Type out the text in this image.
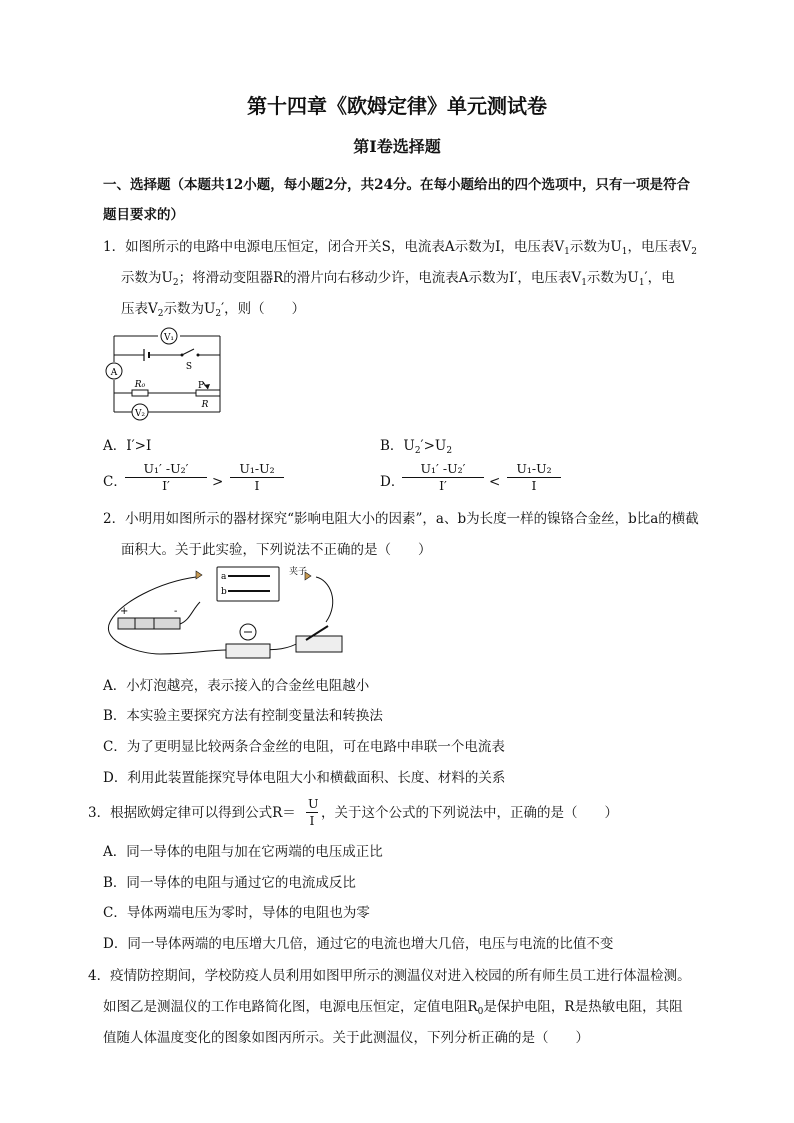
第十四章《欧姆定律》单元测试卷
第I卷选择题
一、选择题（本题共12小题，每小题2分，共24分。在每小题给出的四个选项中，只有一项是符合
题目要求的）
1．如图所示的电路中电源电压恒定，闭合开关S，电流表A示数为I，电压表$V_1$示数为$U_1$，电压表$V_2$
示数为$U_2$；将滑动变阻器R的滑片向右移动少许，电流表A示数为I′，电压表$V_1$示数为$U_1'$，电
压表$V_2$示数为$U_2'$，则（　　）
V₁
A
V₂
S
R₀	P
R
A．I′>I	B．$U_2'>U_2$
C．
$\frac{\text{U₁′ -U₂′}}{I'} > \frac{\text{U₁-U₂}}{I}$	D．
$\frac{\text{U₁′ -U₂′}}{I'} < \frac{\text{U₁-U₂}}{I}$
2．小明用如图所示的器材探究“影响电阻大小的因素”，a、b为长度一样的镍铬合金丝，b比a的横截
面积大。关于此实验，下列说法不正确的是（　　）
a
b
夹子
+	-
A．小灯泡越亮，表示接入的合金丝电阻越小
B．本实验主要探究方法有控制变量法和转换法
C．为了更明显比较两条合金丝的电阻，可在电路中串联一个电流表
D．利用此装置能探究导体电阻大小和横截面积、长度、材料的关系
3．根据欧姆定律可以得到公式$R= \frac{U}{I}$ ，关于这个公式的下列说法中，正确的是（　　）
A．同一导体的电阻与加在它两端的电压成正比
B．同一导体的电阻与通过它的电流成反比
C．导体两端电压为零时，导体的电阻也为零
D．同一导体两端的电压增大几倍，通过它的电流也增大几倍，电压与电流的比值不变
4．疫情防控期间，学校防疫人员利用如图甲所示的测温仪对进入校园的所有师生员工进行体温检测。
如图乙是测温仪的工作电路简化图，电源电压恒定，定值电阻$R_0$是保护电阻，R是热敏电阻，其阻
值随人体温度变化的图象如图丙所示。关于此测温仪，下列分析正确的是（　　）
